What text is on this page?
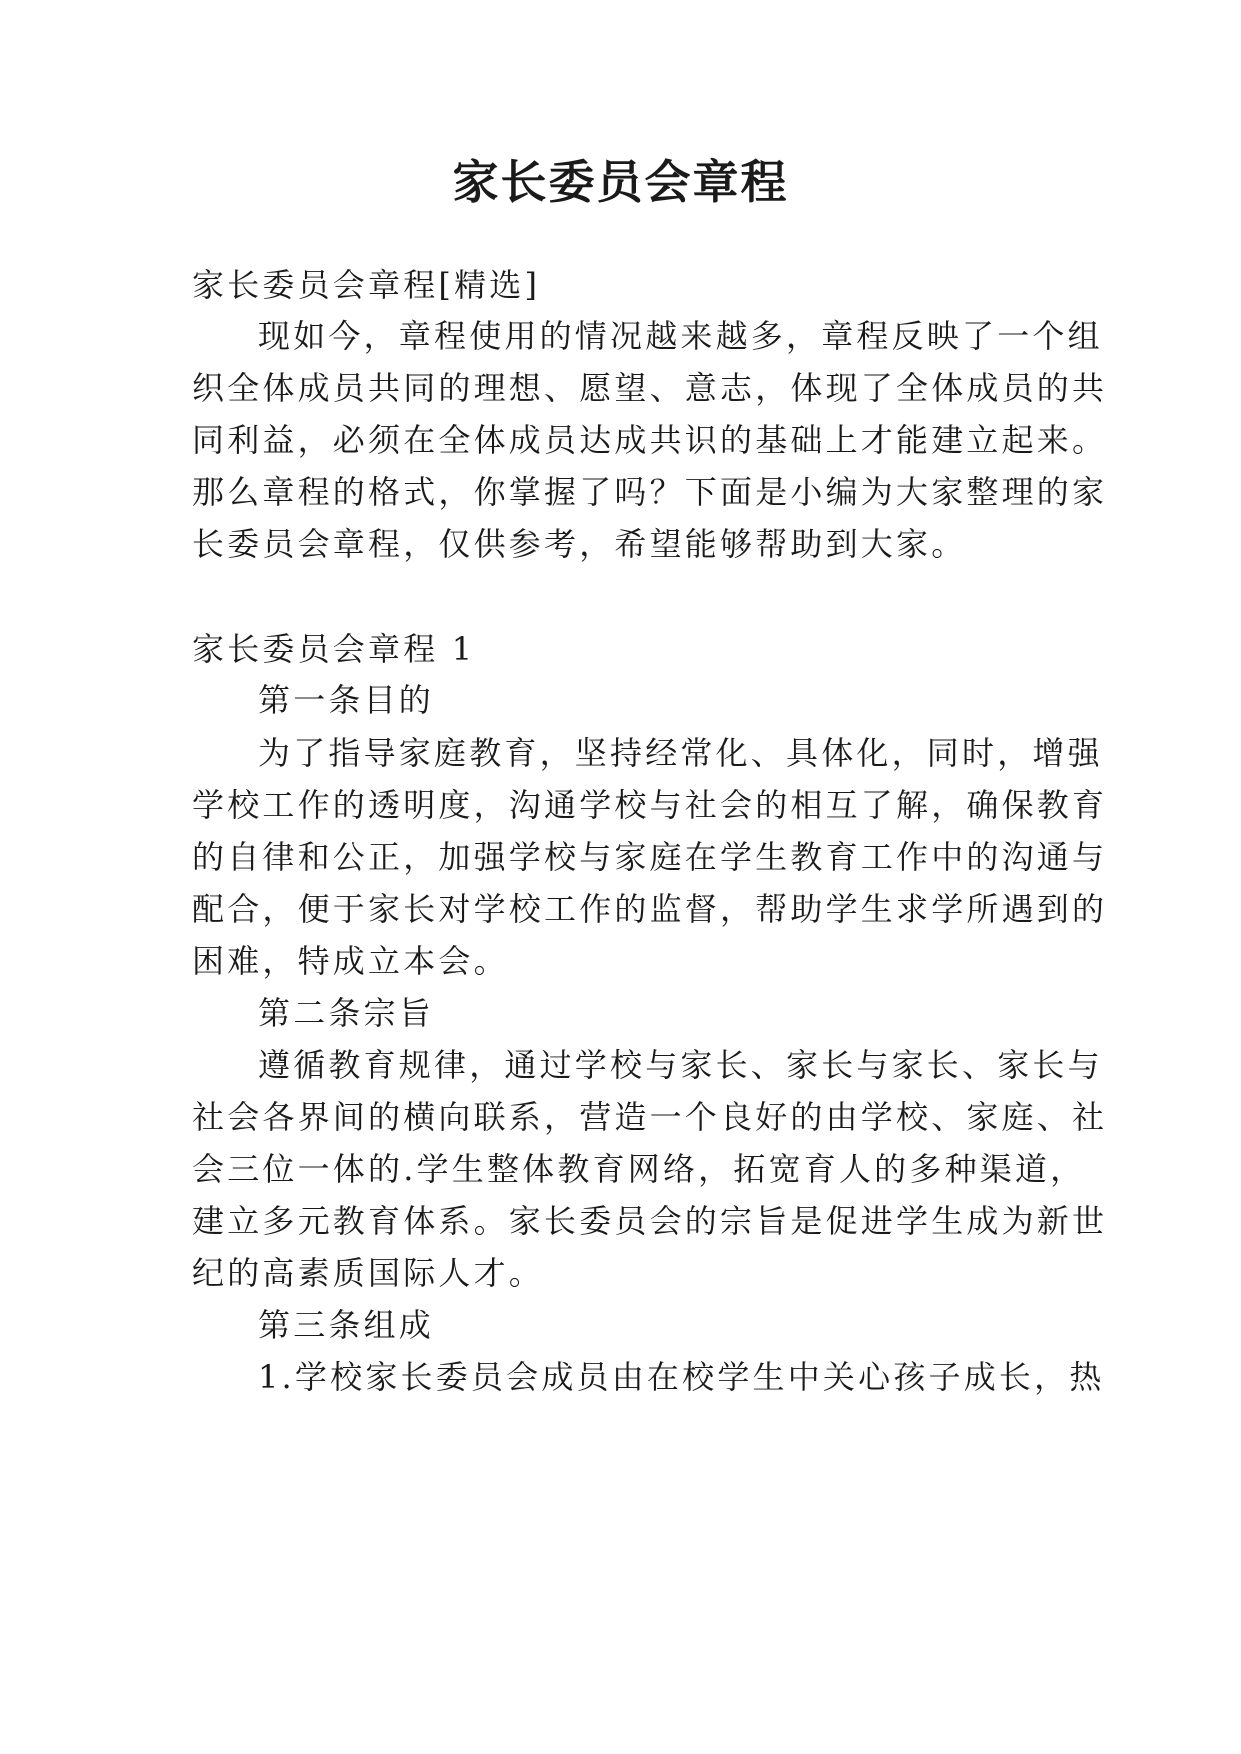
家长委员会章程

家长委员会章程[精选]

现如今，章程使用的情况越来越多，章程反映了一个组

织全体成员共同的理想、愿望、意志，体现了全体成员的共

同利益，必须在全体成员达成共识的基础上才能建立起来。

那么章程的格式，你掌握了吗？下面是小编为大家整理的家

长委员会章程，仅供参考，希望能够帮助到大家。

家长委员会章程 1

第一条目的

为了指导家庭教育，坚持经常化、具体化，同时，增强

学校工作的透明度，沟通学校与社会的相互了解，确保教育

的自律和公正，加强学校与家庭在学生教育工作中的沟通与

配合，便于家长对学校工作的监督，帮助学生求学所遇到的

困难，特成立本会。

第二条宗旨

遵循教育规律，通过学校与家长、家长与家长、家长与

社会各界间的横向联系，营造一个良好的由学校、家庭、社

会三位一体的.学生整体教育网络，拓宽育人的多种渠道，

建立多元教育体系。家长委员会的宗旨是促进学生成为新世

纪的高素质国际人才。

第三条组成

1.学校家长委员会成员由在校学生中关心孩子成长，热
